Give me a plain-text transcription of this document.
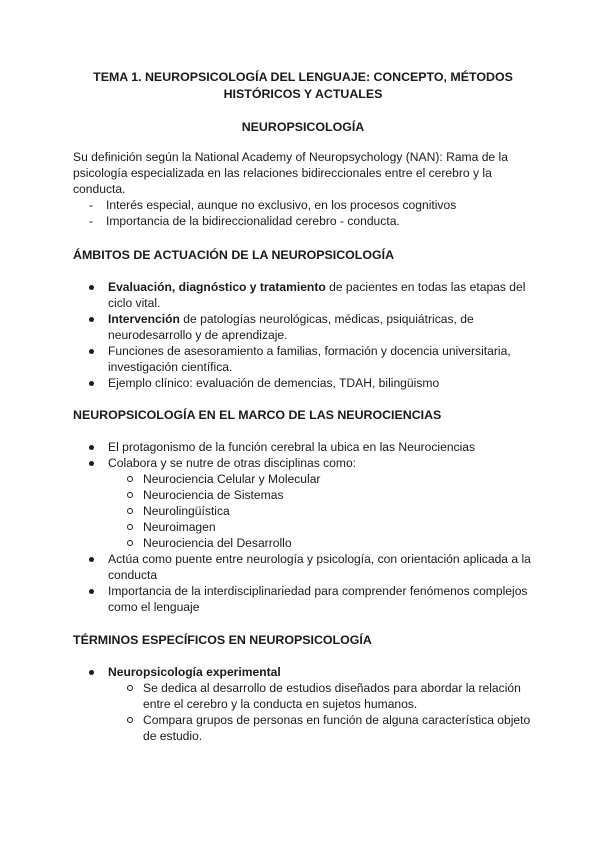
TEMA 1. NEUROPSICOLOGÍA DEL LENGUAJE: CONCEPTO, MÉTODOS

HISTÓRICOS Y ACTUALES

NEUROPSICOLOGÍA

Su definición según la National Academy of Neuropsychology (NAN): Rama de la psicología especializada en las relaciones bidireccionales entre el cerebro y la conducta.

- Interés especial, aunque no exclusivo, en los procesos cognitivos
- Importancia de la bidireccionalidad cerebro - conducta.
ÁMBITOS DE ACTUACIÓN DE LA NEUROPSICOLOGÍA
Evaluación, diagnóstico y tratamiento de pacientes en todas las etapas del ciclo vital.
Intervención de patologías neurológicas, médicas, psiquiátricas, de neurodesarrollo y de aprendizaje.
Funciones de asesoramiento a familias, formación y docencia universitaria, investigación científica.
Ejemplo clínico: evaluación de demencias, TDAH, bilingüismo
NEUROPSICOLOGÍA EN EL MARCO DE LAS NEUROCIENCIAS
El protagonismo de la función cerebral la ubica en las Neurociencias
Colabora y se nutre de otras disciplinas como:
Neurociencia Celular y Molecular
Neurociencia de Sistemas
Neurolingüística
Neuroimagen
Neurociencia del Desarrollo
Actúa como puente entre neurología y psicología, con orientación aplicada a la conducta
Importancia de la interdisciplinariedad para comprender fenómenos complejos como el lenguaje
TÉRMINOS ESPECÍFICOS EN NEUROPSICOLOGÍA
Neuropsicología experimental
Se dedica al desarrollo de estudios diseñados para abordar la relación entre el cerebro y la conducta en sujetos humanos.
Compara grupos de personas en función de alguna característica objeto de estudio.
